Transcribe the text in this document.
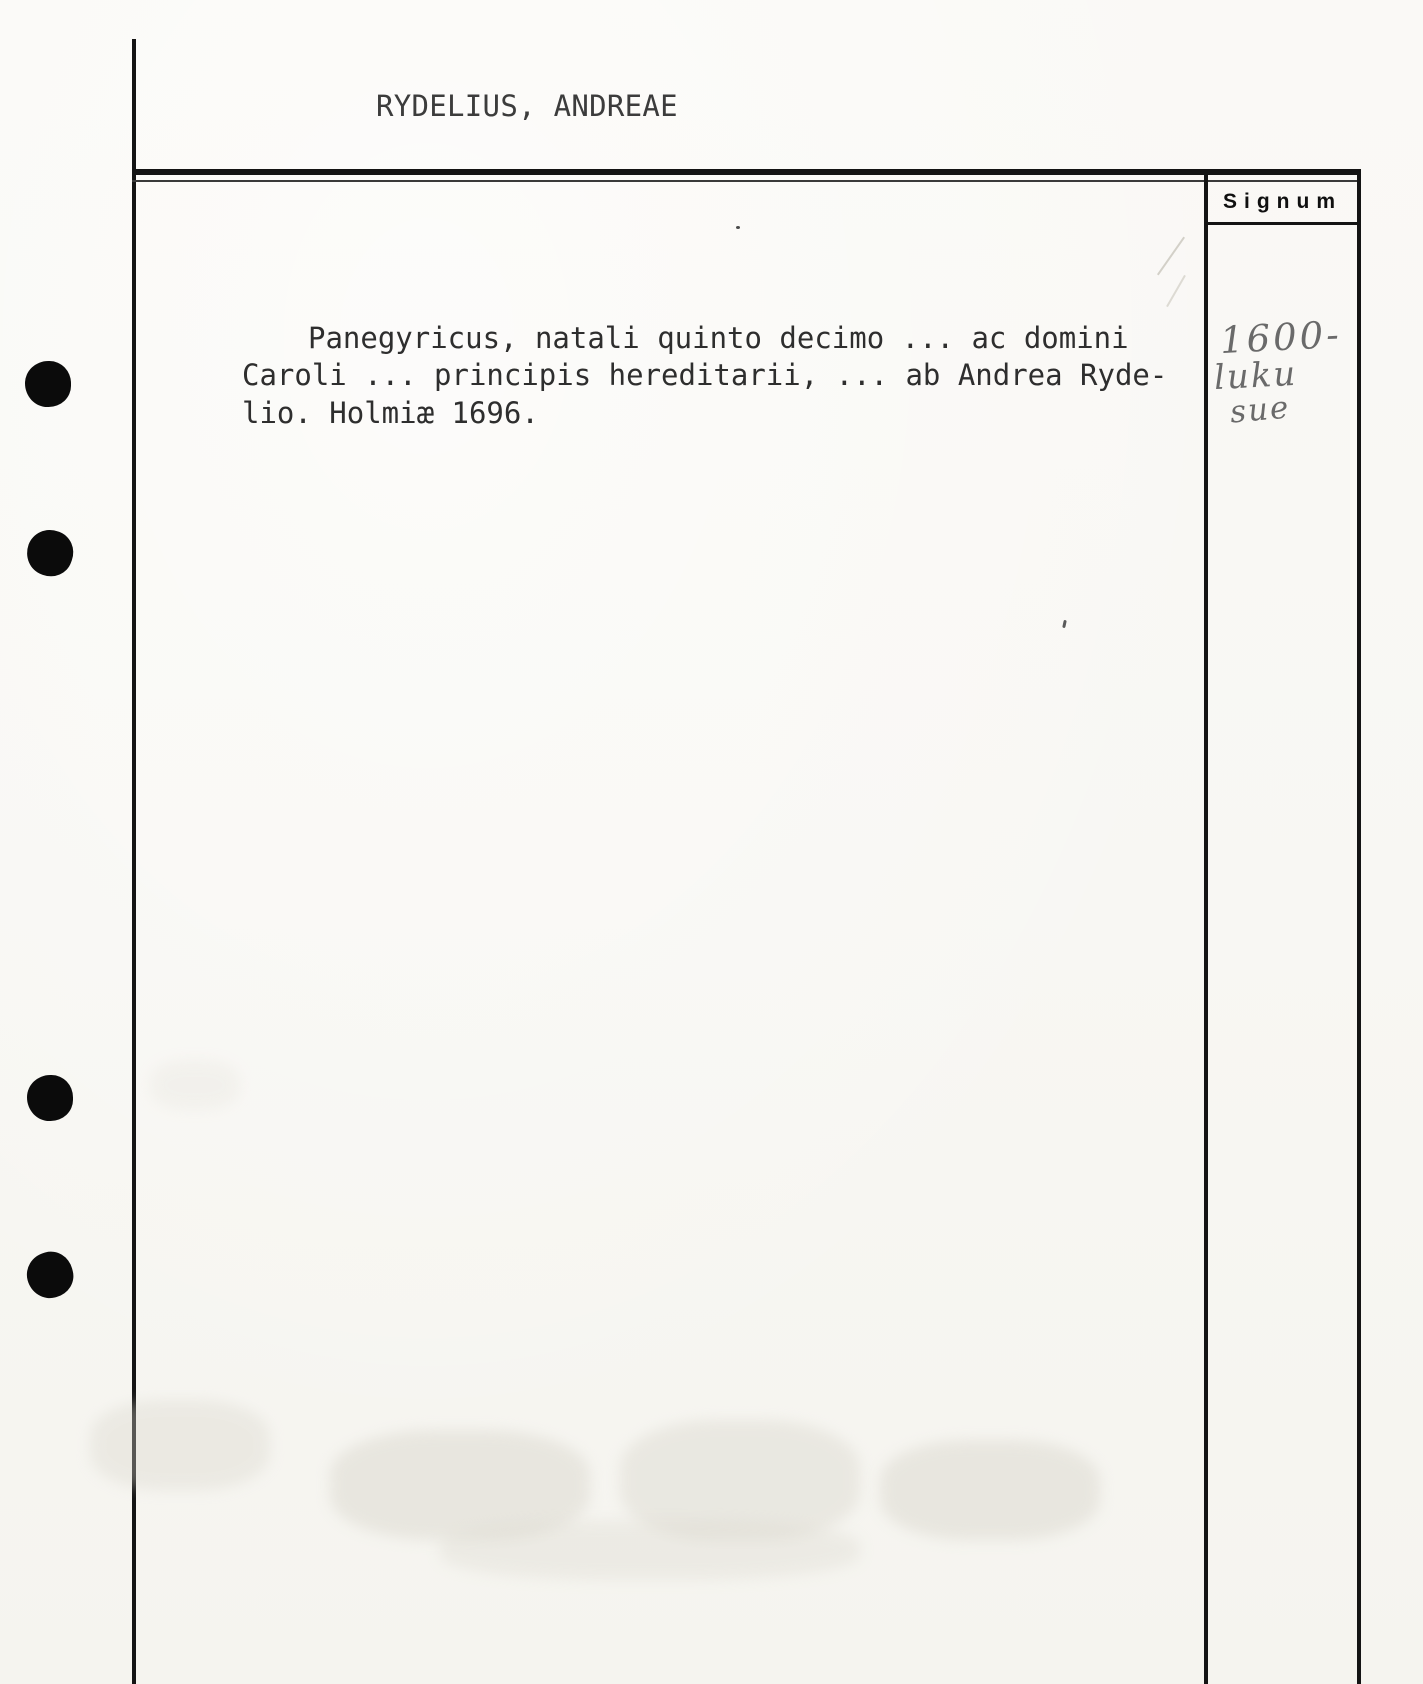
RYDELIUS, ANDREAE
Panegyricus, natali quinto decimo ... ac domini
Caroli ... principis hereditarii, ... ab Andrea Ryde-
lio. Holmiæ 1696.
Signum
1600-
luku
sue
